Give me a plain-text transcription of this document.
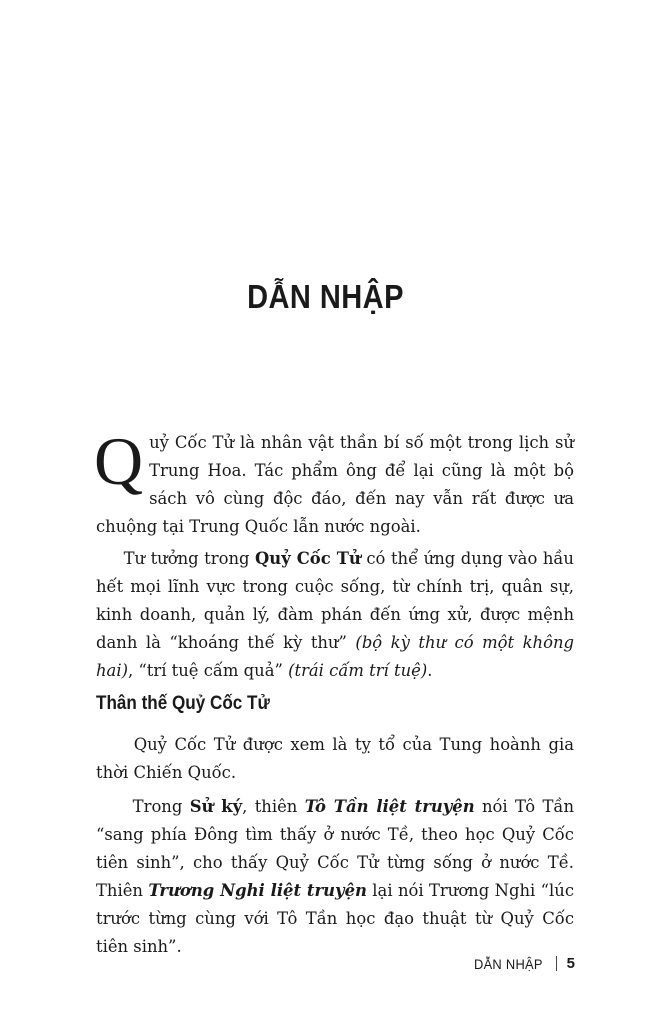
DẪN NHẬP

Quỷ Cốc Tử là nhân vật thần bí số một trong lịch sử Trung Hoa. Tác phẩm ông để lại cũng là một bộ sách vô cùng độc đáo, đến nay vẫn rất được ưa chuộng tại Trung Quốc lẫn nước ngoài.

Tư tưởng trong Quỷ Cốc Tử có thể ứng dụng vào hầu hết mọi lĩnh vực trong cuộc sống, từ chính trị, quân sự, kinh doanh, quản lý, đàm phán đến ứng xử, được mệnh danh là “khoáng thế kỳ thư” (bộ kỳ thư có một không hai), “trí tuệ cấm quả” (trái cấm trí tuệ).

Thân thế Quỷ Cốc Tử

Quỷ Cốc Tử được xem là tỵ tổ của Tung hoành gia thời Chiến Quốc.

Trong Sử ký, thiên Tô Tần liệt truyện nói Tô Tần “sang phía Đông tìm thấy ở nước Tề, theo học Quỷ Cốc tiên sinh”, cho thấy Quỷ Cốc Tử từng sống ở nước Tề. Thiên Trương Nghi liệt truyện lại nói Trương Nghi “lúc trước từng cùng với Tô Tần học đạo thuật từ Quỷ Cốc tiên sinh”.

DẪN NHẬP 5
